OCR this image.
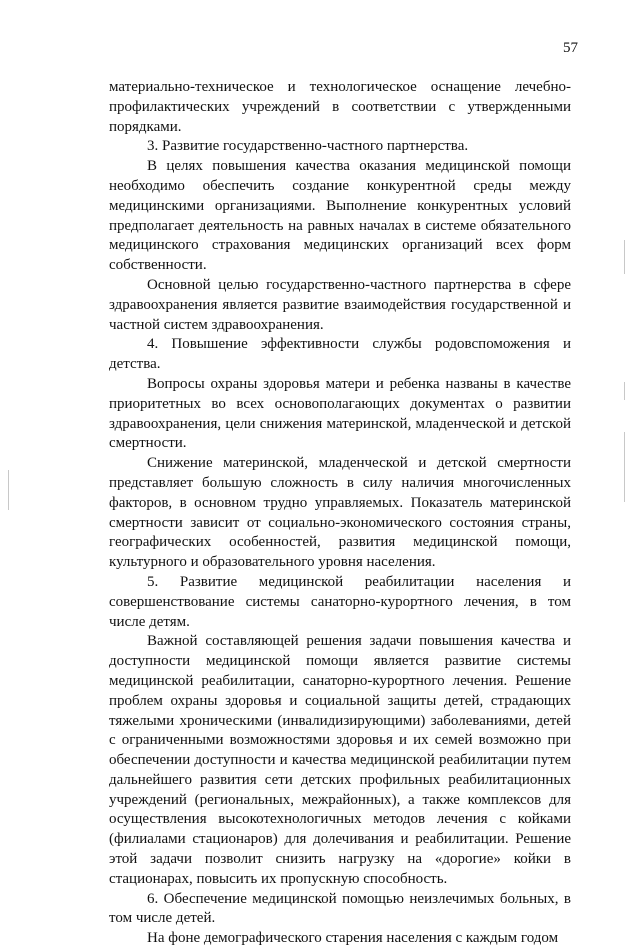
57

материально-техническое и технологическое оснащение лечебно-профилактических учреждений в соответствии с утвержденными порядками.

3. Развитие государственно-частного партнерства.

В целях повышения качества оказания медицинской помощи необходимо обеспечить создание конкурентной среды между медицинскими организациями. Выполнение конкурентных условий предполагает деятельность на равных началах в системе обязательного медицинского страхования медицинских организаций всех форм собственности.

Основной целью государственно-частного партнерства в сфере здравоохранения является развитие взаимодействия государственной и частной систем здравоохранения.

4. Повышение эффективности службы родовспоможения и детства.

Вопросы охраны здоровья матери и ребенка названы в качестве приоритетных во всех основополагающих документах о развитии здравоохранения, цели снижения материнской, младенческой и детской смертности.

Снижение материнской, младенческой и детской смертности представляет большую сложность в силу наличия многочисленных факторов, в основном трудно управляемых. Показатель материнской смертности зависит от социально-экономического состояния страны, географических особенностей, развития медицинской помощи, культурного и образовательного уровня населения.

5. Развитие медицинской реабилитации населения и совершенствование системы санаторно-курортного лечения, в том числе детям.

Важной составляющей решения задачи повышения качества и доступности медицинской помощи является развитие системы медицинской реабилитации, санаторно-курортного лечения. Решение проблем охраны здоровья и социальной защиты детей, страдающих тяжелыми хроническими (инвалидизирующими) заболеваниями, детей с ограниченными возможностями здоровья и их семей возможно при обеспечении доступности и качества медицинской реабилитации путем дальнейшего развития сети детских профильных реабилитационных учреждений (региональных, межрайонных), а также комплексов для осуществления высокотехнологичных методов лечения с койками (филиалами стационаров) для долечивания и реабилитации. Решение этой задачи позволит снизить нагрузку на «дорогие» койки в стационарах, повысить их пропускную способность.

6. Обеспечение медицинской помощью неизлечимых больных, в том числе детей.

На фоне демографического старения населения с каждым годом
